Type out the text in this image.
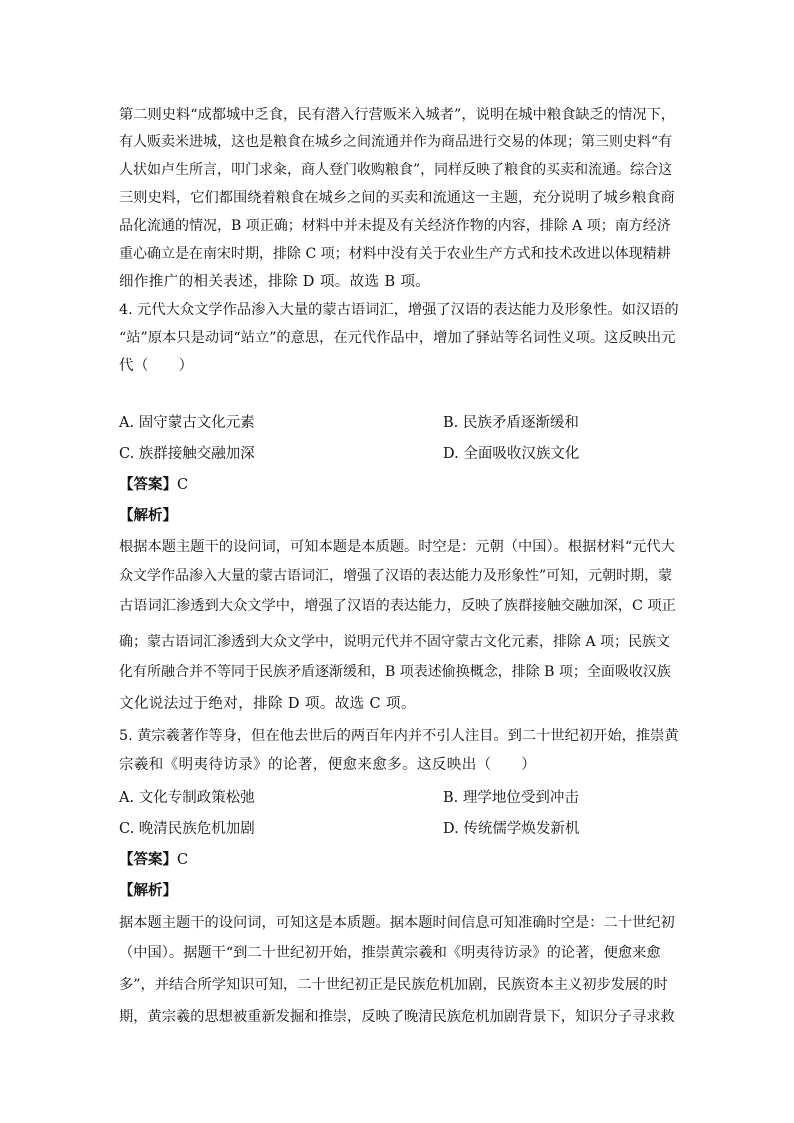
第二则史料“成都城中乏食，民有潜入行营贩米入城者”，说明在城中粮食缺乏的情况下，
有人贩卖米进城，这也是粮食在城乡之间流通并作为商品进行交易的体现；第三则史料“有
人状如卢生所言，叩门求籴，商人登门收购粮食”，同样反映了粮食的买卖和流通。综合这
三则史料，它们都围绕着粮食在城乡之间的买卖和流通这一主题，充分说明了城乡粮食商
品化流通的情况，B 项正确；材料中并未提及有关经济作物的内容，排除 A 项；南方经济
重心确立是在南宋时期，排除 C 项；材料中没有关于农业生产方式和技术改进以体现精耕
细作推广的相关表述，排除 D 项。故选 B 项。
4. 元代大众文学作品渗入大量的蒙古语词汇，增强了汉语的表达能力及形象性。如汉语的
“站”原本只是动词“站立”的意思，在元代作品中，增加了驿站等名词性义项。这反映出元
代（　　）
A. 固守蒙古文化元素	B. 民族矛盾逐渐缓和
C. 族群接触交融加深	D. 全面吸收汉族文化
【答案】C
【解析】
根据本题主题干的设问词，可知本题是本质题。时空是：元朝（中国）。根据材料“元代大
众文学作品渗入大量的蒙古语词汇，增强了汉语的表达能力及形象性”可知，元朝时期，蒙
古语词汇渗透到大众文学中，增强了汉语的表达能力，反映了族群接触交融加深，C 项正
确；蒙古语词汇渗透到大众文学中，说明元代并不固守蒙古文化元素，排除 A 项；民族文
化有所融合并不等同于民族矛盾逐渐缓和，B 项表述偷换概念，排除 B 项；全面吸收汉族
文化说法过于绝对，排除 D 项。故选 C 项。
5. 黄宗羲著作等身，但在他去世后的两百年内并不引人注目。到二十世纪初开始，推崇黄
宗羲和《明夷待访录》的论著，便愈来愈多。这反映出（　　）
A. 文化专制政策松弛	B. 理学地位受到冲击
C. 晚清民族危机加剧	D. 传统儒学焕发新机
【答案】C
【解析】
据本题主题干的设问词，可知这是本质题。据本题时间信息可知准确时空是：二十世纪初
（中国）。据题干“到二十世纪初开始，推崇黄宗羲和《明夷待访录》的论著，便愈来愈
多”，并结合所学知识可知，二十世纪初正是民族危机加剧，民族资本主义初步发展的时
期，黄宗羲的思想被重新发掘和推崇，反映了晚清民族危机加剧背景下，知识分子寻求救
